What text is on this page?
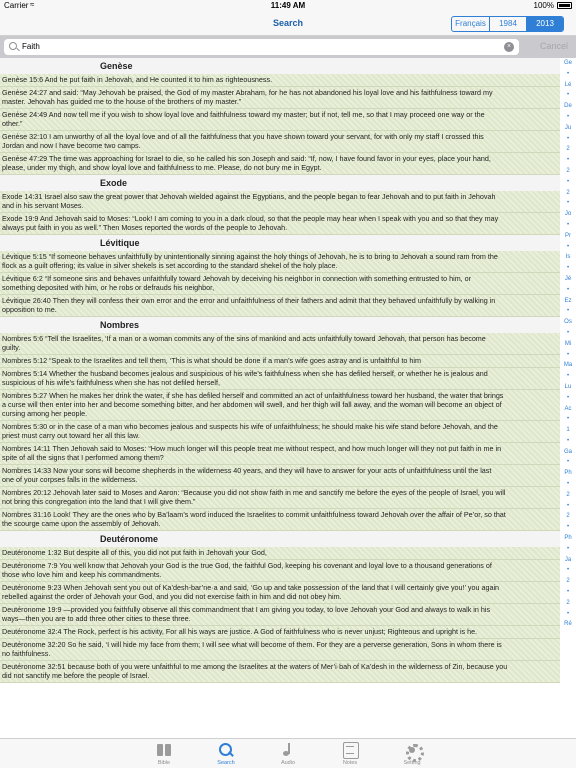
Carrier ≈	11:49 AM	100%
Search	Français	1984	2013
Faith	×	Cancel
Genèse
Genèse 15:6 And he put faith in Jehovah, and He counted it to him as righteousness.
Genèse 24:27 and said: “May Jehovah be praised, the God of my master Abraham, for he has not abandoned his loyal love and his faithfulness toward my
master. Jehovah has guided me to the house of the brothers of my master.”
Genèse 24:49 And now tell me if you wish to show loyal love and faithfulness toward my master; but if not, tell me, so that I may proceed one way or the
other.”
Genèse 32:10 I am unworthy of all the loyal love and of all the faithfulness that you have shown toward your servant, for with only my staff I crossed this
Jordan and now I have become two camps.
Genèse 47:29 The time was approaching for Israel to die, so he called his son Joseph and said: “If, now, I have found favor in your eyes, place your hand,
please, under my thigh, and show loyal love and faithfulness to me. Please, do not bury me in Egypt.
Exode
Exode 14:31 Israel also saw the great power that Jehovah wielded against the Egyptians, and the people began to fear Jehovah and to put faith in Jehovah
and in his servant Moses.
Exode 19:9 And Jehovah said to Moses: “Look! I am coming to you in a dark cloud, so that the people may hear when I speak with you and so that they may
always put faith in you as well.” Then Moses reported the words of the people to Jehovah.
Lévitique
Lévitique 5:15 “If someone behaves unfaithfully by unintentionally sinning against the holy things of Jehovah, he is to bring to Jehovah a sound ram from the
flock as a guilt offering; its value in silver shekels is set according to the standard shekel of the holy place.
Lévitique 6:2 “If someone sins and behaves unfaithfully toward Jehovah by deceiving his neighbor in connection with something entrusted to him, or
something deposited with him, or he robs or defrauds his neighbor,
Lévitique 26:40 Then they will confess their own error and the error and unfaithfulness of their fathers and admit that they behaved unfaithfully by walking in
opposition to me.
Nombres
Nombres 5:6 “Tell the Israelites, ‘If a man or a woman commits any of the sins of mankind and acts unfaithfully toward Jehovah, that person has become
guilty.
Nombres 5:12 “Speak to the Israelites and tell them, ‘This is what should be done if a man’s wife goes astray and is unfaithful to him
Nombres 5:14 Whether the husband becomes jealous and suspicious of his wife’s faithfulness when she has defiled herself, or whether he is jealous and
suspicious of his wife’s faithfulness when she has not defiled herself,
Nombres 5:27 When he makes her drink the water, if she has defiled herself and committed an act of unfaithfulness toward her husband, the water that brings
a curse will then enter into her and become something bitter, and her abdomen will swell, and her thigh will fall away, and the woman will become an object of
cursing among her people.
Nombres 5:30 or in the case of a man who becomes jealous and suspects his wife of unfaithfulness; he should make his wife stand before Jehovah, and the
priest must carry out toward her all this law.
Nombres 14:11 Then Jehovah said to Moses: “How much longer will this people treat me without respect, and how much longer will they not put faith in me in
spite of all the signs that I performed among them?
Nombres 14:33 Now your sons will become shepherds in the wilderness 40 years, and they will have to answer for your acts of unfaithfulness until the last
one of your corpses falls in the wilderness.
Nombres 20:12 Jehovah later said to Moses and Aaron: “Because you did not show faith in me and sanctify me before the eyes of the people of Israel, you will
not bring this congregation into the land that I will give them.”
Nombres 31:16 Look! They are the ones who by Ba’laam’s word induced the Israelites to commit unfaithfulness toward Jehovah over the affair of Pe’or, so that
the scourge came upon the assembly of Jehovah.
Deutéronome
Deutéronome 1:32 But despite all of this, you did not put faith in Jehovah your God,
Deutéronome 7:9 You well know that Jehovah your God is the true God, the faithful God, keeping his covenant and loyal love to a thousand generations of
those who love him and keep his commandments.
Deutéronome 9:23 When Jehovah sent you out of Ka’desh-bar’ne·a and said, ‘Go up and take possession of the land that I will certainly give you!’ you again
rebelled against the order of Jehovah your God, and you did not exercise faith in him and did not obey him.
Deutéronome 19:9 —provided you faithfully observe all this commandment that I am giving you today, to love Jehovah your God and always to walk in his
ways—then you are to add three other cities to these three.
Deutéronome 32:4 The Rock, perfect is his activity, For all his ways are justice. A God of faithfulness who is never unjust; Righteous and upright is he.
Deutéronome 32:20 So he said, ‘I will hide my face from them; I will see what will become of them. For they are a perverse generation, Sons in whom there is
no faithfulness.
Deutéronome 32:51 because both of you were unfaithful to me among the Israelites at the waters of Mer’i·bah of Ka’desh in the wilderness of Zin, because you
did not sanctify me before the people of Israel.
Ge
•
Lé
•
De
•
Ju
•
2
•
2
•
2
•
Jo
•
Pr
•
Is
•
Jé
•
Ez
•
Os
•
Mi
•
Ma
•
Lu
•
Ac
•
1
•
Ga
•
Ph
•
2
•
2
•
Ph
•
Ja
•
2
•
2
•
Ré
Bible	Search	Audio	Notes	Setting
